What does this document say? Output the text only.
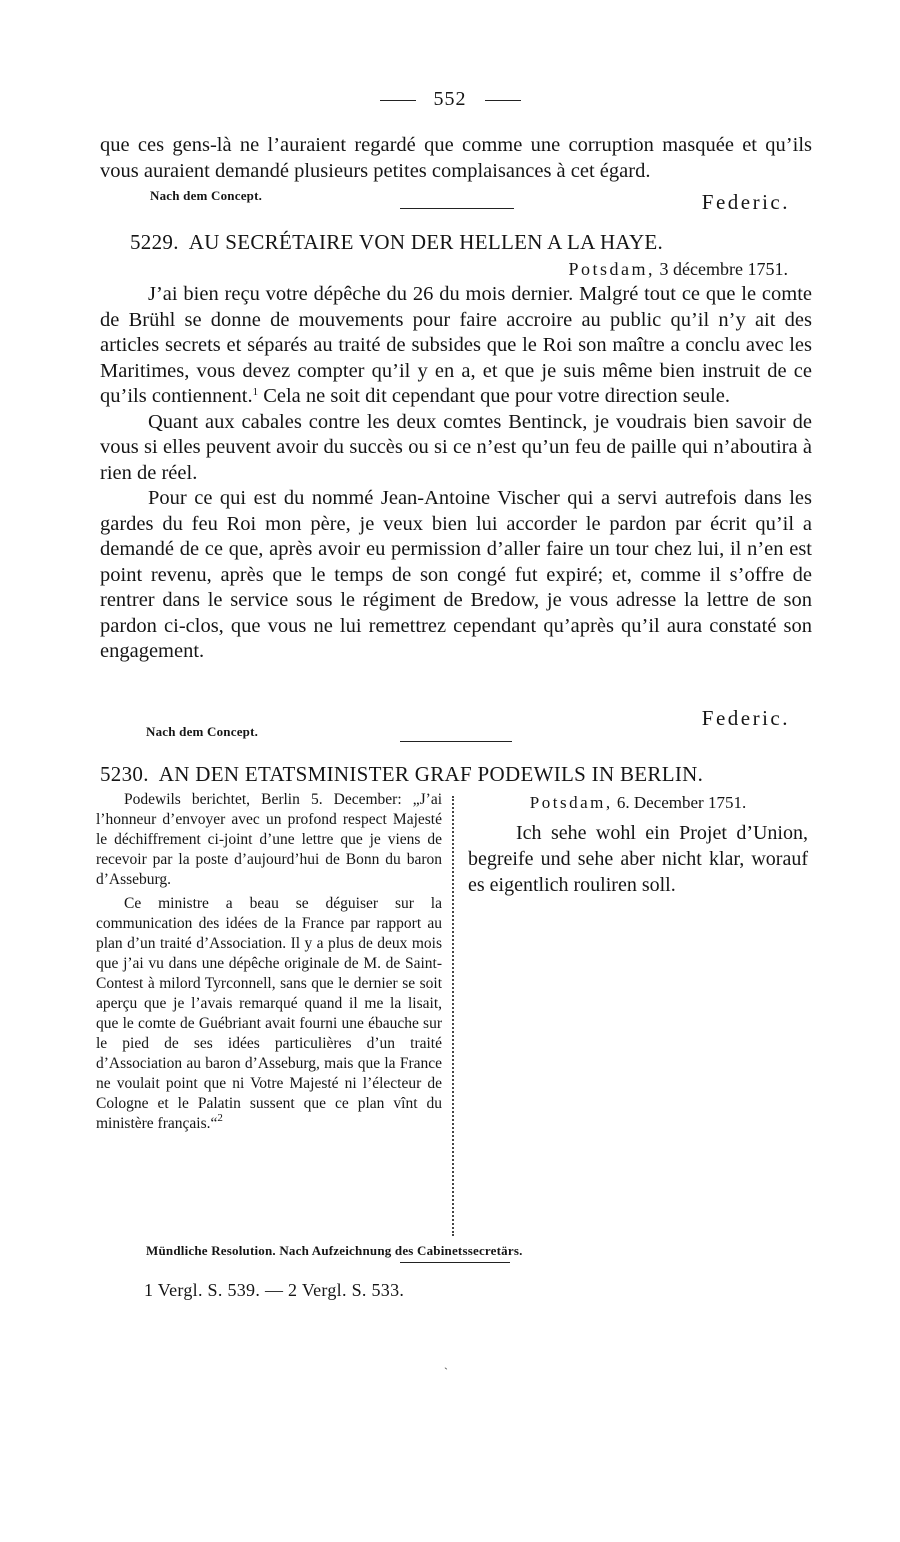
552

que ces gens-là ne l’auraient regardé que comme une corruption masquée et qu’ils vous auraient demandé plusieurs petites complaisances à cet égard.

Nach dem Concept.	Federic.
5229. AU SECRÉTAIRE VON DER HELLEN A LA HAYE.
Potsdam, 3 décembre 1751.

J’ai bien reçu votre dépêche du 26 du mois dernier. Malgré tout ce que le comte de Brühl se donne de mouvements pour faire accroire au public qu’il n’y ait des articles secrets et séparés au traité de subsides que le Roi son maître a conclu avec les Maritimes, vous devez compter qu’il y en a, et que je suis même bien instruit de ce qu’ils contiennent.$^1$ Cela ne soit dit cependant que pour votre direction seule.

Quant aux cabales contre les deux comtes Bentinck, je voudrais bien savoir de vous si elles peuvent avoir du succès ou si ce n’est qu’un feu de paille qui n’aboutira à rien de réel.

Pour ce qui est du nommé Jean-Antoine Vischer qui a servi autrefois dans les gardes du feu Roi mon père, je veux bien lui accorder le pardon par écrit qu’il a demandé de ce que, après avoir eu permission d’aller faire un tour chez lui, il n’en est point revenu, après que le temps de son congé fut expiré; et, comme il s’offre de rentrer dans le service sous le régiment de Bredow, je vous adresse la lettre de son pardon ci-clos, que vous ne lui remettrez cependant qu’après qu’il aura constaté son engagement.

Federic.
Nach dem Concept.
5230. AN DEN ETATSMINISTER GRAF PODEWILS IN BERLIN.

Podewils berichtet, Berlin 5. December: „J’ai l’honneur d’envoyer avec un profond respect Majesté le déchiffrement ci-joint d’une lettre que je viens de recevoir par la poste d’aujourd’hui de Bonn du baron d’Asseburg.

Ce ministre a beau se déguiser sur la communication des idées de la France par rapport au plan d’un traité d’Association. Il y a plus de deux mois que j’ai vu dans une dépêche originale de M. de Saint-Contest à milord Tyrconnell, sans que le dernier se soit aperçu que je l’avais remarqué quand il me la lisait, que le comte de Guébriant avait fourni une ébauche sur le pied de ses idées particulières d’un traité d’Association au baron d’Asseburg, mais que la France ne voulait point que ni Votre Majesté ni l’électeur de Cologne et le Palatin sussent que ce plan vînt du ministère français.“$^2$

Potsdam, 6. December 1751.

Ich sehe wohl ein Projet d’Union, begreife und sehe aber nicht klar, worauf es eigentlich rouliren soll.

Mündliche Resolution. Nach Aufzeichnung des Cabinetssecretärs.
1 Vergl. S. 539. — 2 Vergl. S. 533.
ˏ
